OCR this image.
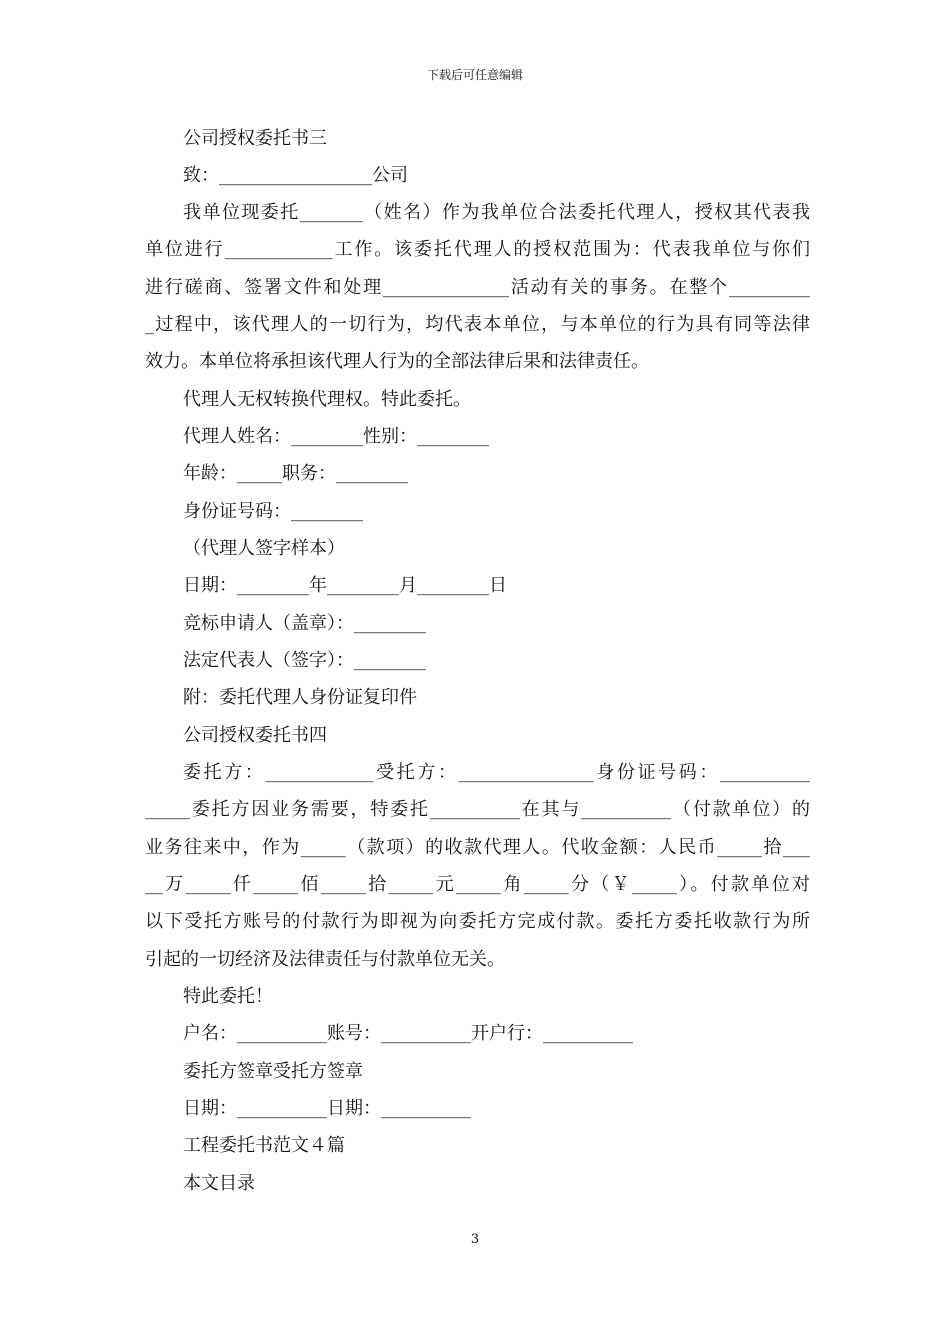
下载后可任意编辑
公司授权委托书三
致：_________________公司
我单位现委托_______（姓名）作为我单位合法委托代理人，授权其代表我
单位进行____________工作。该委托代理人的授权范围为：代表我单位与你们
进行磋商、签署文件和处理______________活动有关的事务。在整个_________
_过程中，该代理人的一切行为，均代表本单位，与本单位的行为具有同等法律
效力。本单位将承担该代理人行为的全部法律后果和法律责任。
代理人无权转换代理权。特此委托。
代理人姓名：________性别：________
年龄：_____职务：________
身份证号码：________
（代理人签字样本）
日期：________年________月________日
竞标申请人（盖章）：________
法定代表人（签字）：________
附：委托代理人身份证复印件
公司授权委托书四
委托方：____________受托方：_______________身份证号码：__________
_____委托方因业务需要，特委托__________在其与__________（付款单位）的
业务往来中，作为_____（款项）的收款代理人。代收金额：人民币_____拾___
__万_____仟_____佰_____拾_____元_____角_____分（￥_____）。付款单位对
以下受托方账号的付款行为即视为向委托方完成付款。委托方委托收款行为所
引起的一切经济及法律责任与付款单位无关。
特此委托！
户名：__________账号：__________开户行：__________
委托方签章受托方签章
日期：__________日期：__________
工程委托书范文４篇
本文目录
3
